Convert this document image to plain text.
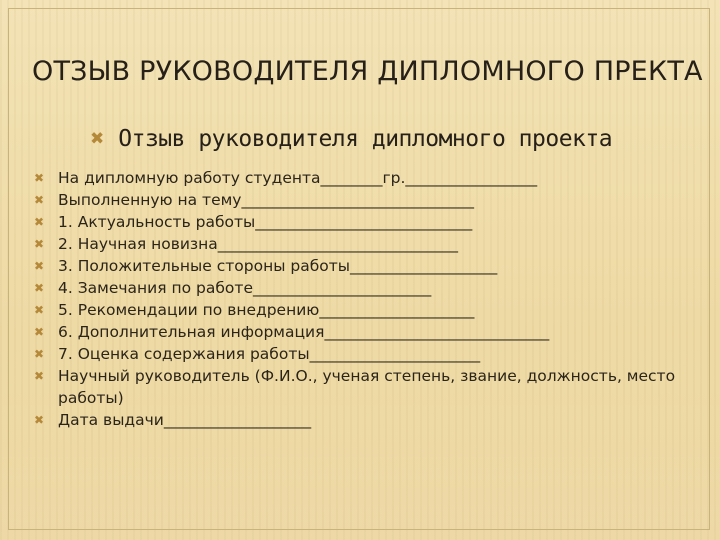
ОТЗЫВ РУКОВОДИТЕЛЯ ДИПЛОМНОГО ПРЕКТА
✖ Отзыв руководителя дипломного проекта
✖ На дипломную работу студента________гр._________________
✖ Выполненную на тему______________________________
✖ 1. Актуальность работы____________________________
✖ 2. Научная новизна_______________________________
✖ 3. Положительные стороны работы___________________
✖ 4. Замечания по работе_______________________
✖ 5. Рекомендации по внедрению____________________
✖ 6. Дополнительная информация_____________________________
✖ 7. Оценка содержания работы______________________
✖ Научный руководитель (Ф.И.О., ученая степень, звание, должность, место работы)
✖ Дата выдачи___________________
